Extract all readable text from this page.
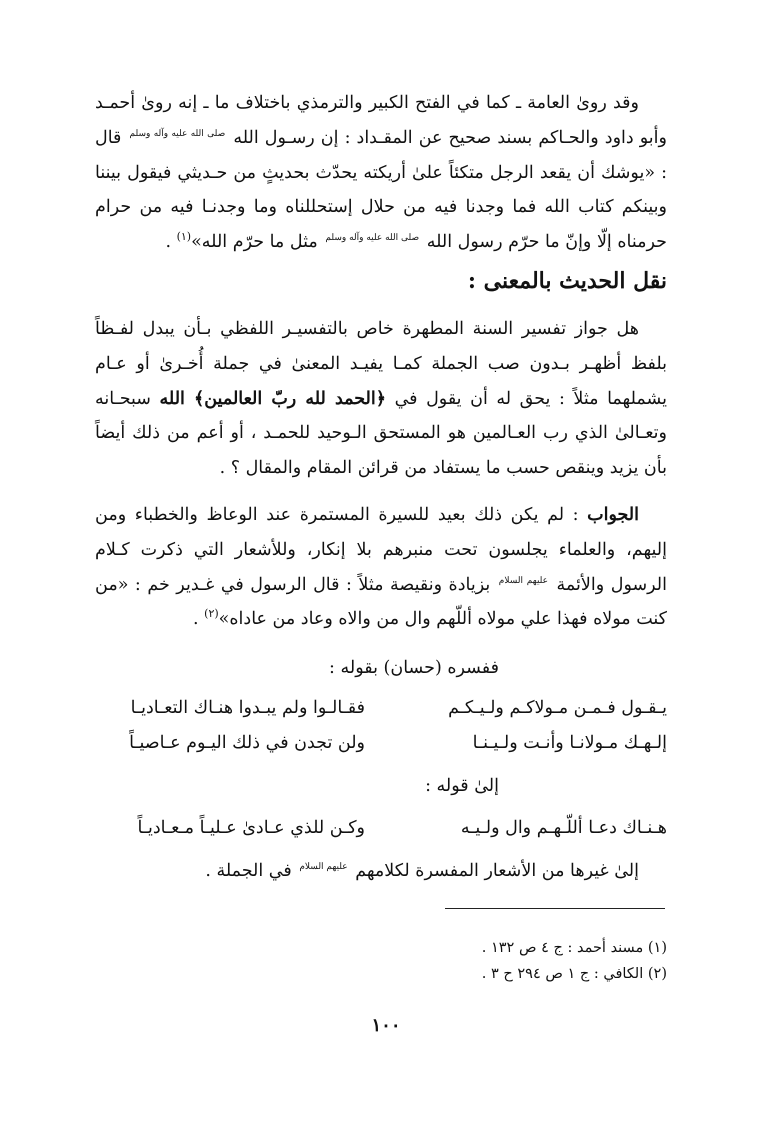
وقد روىٰ العامة ـ كما في الفتح الكبير والترمذي باختلاف ما ـ إنه روىٰ أحمـد وأبو داود والحـاكم بسند صحيح عن المقـداد : إن رسـول الله $^{صلى الله عليه وآله وسلم}$ قال : «يوشك أن يقعد الرجل متكئاً علىٰ أريكته يحدّث بحديثٍ من حـديثي فيقول بيننا وبينكم كتاب الله فما وجدنا فيه من حلال إستحللناه وما وجدنـا فيه من حرام حرمناه إلّا وإنّ ما حرّم رسول الله $^{صلى الله عليه وآله وسلم}$ مثل ما حرّم الله»$^{(١)}$ .

نقل الحديث بالمعنى :

هل جواز تفسير السنة المطهرة خاص بالتفسيـر اللفظي بـأن يبدل لفـظاً بلفظ أظهـر بـدون صب الجملة كمـا يفيـد المعنىٰ في جملة أُخـرىٰ أو عـام يشملهما مثلاً : يحق له أن يقول في ﴿الحمد لله ربّ العالمين﴾ الله سبحـانه وتعـالىٰ الذي رب العـالمين هو المستحق الـوحيد للحمـد ، أو أعم من ذلك أيضاً بأن يزيد وينقص حسب ما يستفاد من قرائن المقام والمقال ؟ .

الجواب : لم يكن ذلك بعيد للسيرة المستمرة عند الوعاظ والخطباء ومن إليهم، والعلماء يجلسون تحت منبرهم بلا إنكار، وللأشعار التي ذكرت كـلام الرسول والأئمة $^{عليهم السلام}$ بزيادة ونقيصة مثلاً : قال الرسول في غـدير خم : «من كنت مولاه فهذا علي مولاه أللّهم وال من والاه وعاد من عاداه»$^{(٢)}$ .

ففسره (حسان) بقوله :
يـقـول فـمـن مـولاكـم ولـيـكـم
فقـالـوا ولم يبـدوا هنـاك التعـاديـا
إلـهـك مـولانـا وأنـت ولـيـنـا
ولن تجدن في ذلك اليـوم عـاصيـاً
إلىٰ قوله :
هـنـاك دعـا أللّـهـم وال ولـيـه
وكـن للذي عـادىٰ عـليـاً مـعـاديـاً

إلىٰ غيرها من الأشعار المفسرة لكلامهم $^{عليهم السلام}$ في الجملة .

(١) مسند أحمد : ج ٤ ص ١٣٢ .
(٢) الكافي : ج ١ ص ٢٩٤ ح ٣ .
١٠٠
